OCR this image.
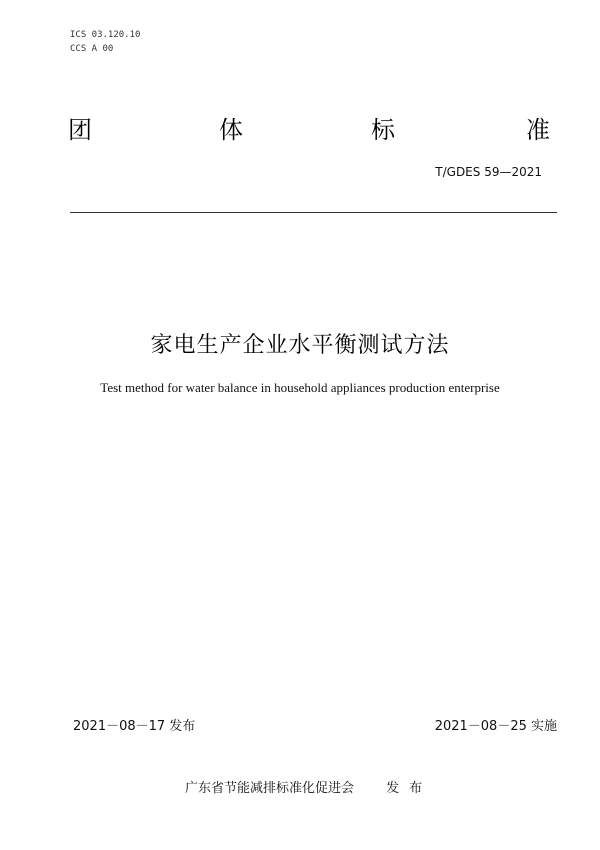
ICS 03.120.10
CCS A 00
团	体	标	准
T/GDES 59—2021
家电生产企业水平衡测试方法
Test method for water balance in household appliances production enterprise
2021－08－17 发布	2021－08－25 实施
广东省节能减排标准化促进会 发布
